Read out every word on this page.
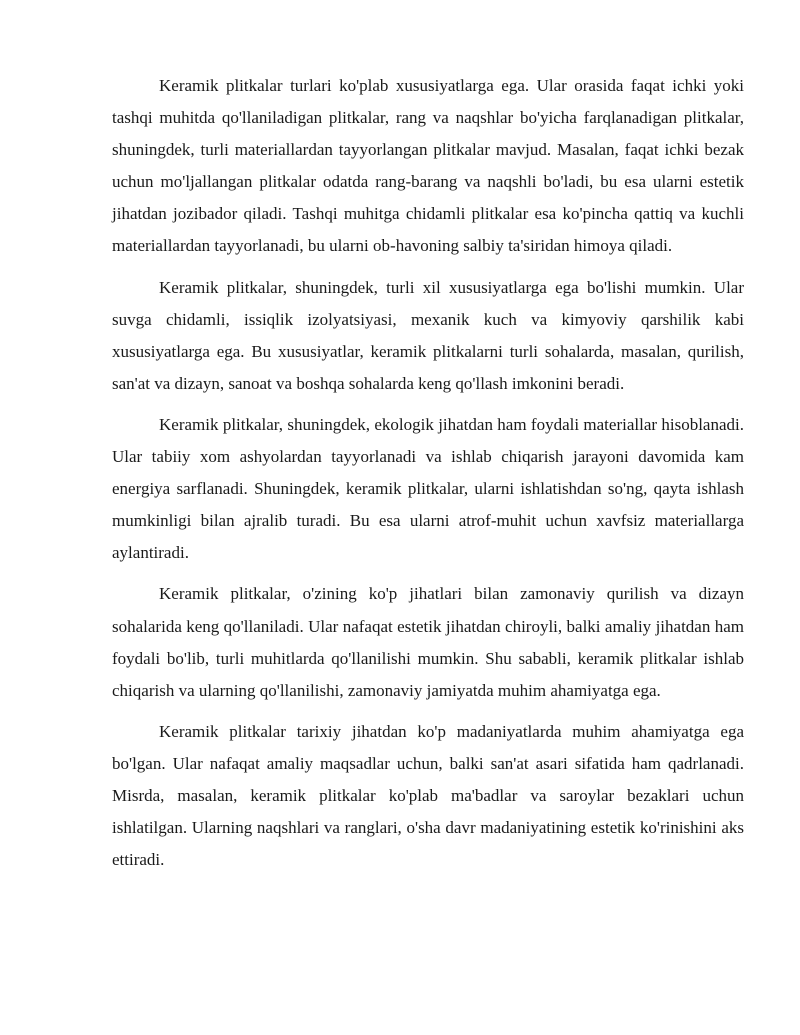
Keramik plitkalar turlari ko'plab xususiyatlarga ega. Ular orasida faqat ichki yoki tashqi muhitda qo'llaniladigan plitkalar, rang va naqshlar bo'yicha farqlanadigan plitkalar, shuningdek, turli materiallardan tayyorlangan plitkalar mavjud. Masalan, faqat ichki bezak uchun mo'ljallangan plitkalar odatda rang-barang va naqshli bo'ladi, bu esa ularni estetik jihatdan jozibador qiladi. Tashqi muhitga chidamli plitkalar esa ko'pincha qattiq va kuchli materiallardan tayyorlanadi, bu ularni ob-havoning salbiy ta'siridan himoya qiladi.

Keramik plitkalar, shuningdek, turli xil xususiyatlarga ega bo'lishi mumkin. Ular suvga chidamli, issiqlik izolyatsiyasi, mexanik kuch va kimyoviy qarshilik kabi xususiyatlarga ega. Bu xususiyatlar, keramik plitkalarni turli sohalarda, masalan, qurilish, san'at va dizayn, sanoat va boshqa sohalarda keng qo'llash imkonini beradi.

Keramik plitkalar, shuningdek, ekologik jihatdan ham foydali materiallar hisoblanadi. Ular tabiiy xom ashyolardan tayyorlanadi va ishlab chiqarish jarayoni davomida kam energiya sarflanadi. Shuningdek, keramik plitkalar, ularni ishlatishdan so'ng, qayta ishlash mumkinligi bilan ajralib turadi. Bu esa ularni atrof-muhit uchun xavfsiz materiallarga aylantiradi.

Keramik plitkalar, o'zining ko'p jihatlari bilan zamonaviy qurilish va dizayn sohalarida keng qo'llaniladi. Ular nafaqat estetik jihatdan chiroyli, balki amaliy jihatdan ham foydali bo'lib, turli muhitlarda qo'llanilishi mumkin. Shu sababli, keramik plitkalar ishlab chiqarish va ularning qo'llanilishi, zamonaviy jamiyatda muhim ahamiyatga ega.

Keramik plitkalar tarixiy jihatdan ko'p madaniyatlarda muhim ahamiyatga ega bo'lgan. Ular nafaqat amaliy maqsadlar uchun, balki san'at asari sifatida ham qadrlanadi. Misrda, masalan, keramik plitkalar ko'plab ma'badlar va saroylar bezaklari uchun ishlatilgan. Ularning naqshlari va ranglari, o'sha davr madaniyatining estetik ko'rinishini aks ettiradi.
